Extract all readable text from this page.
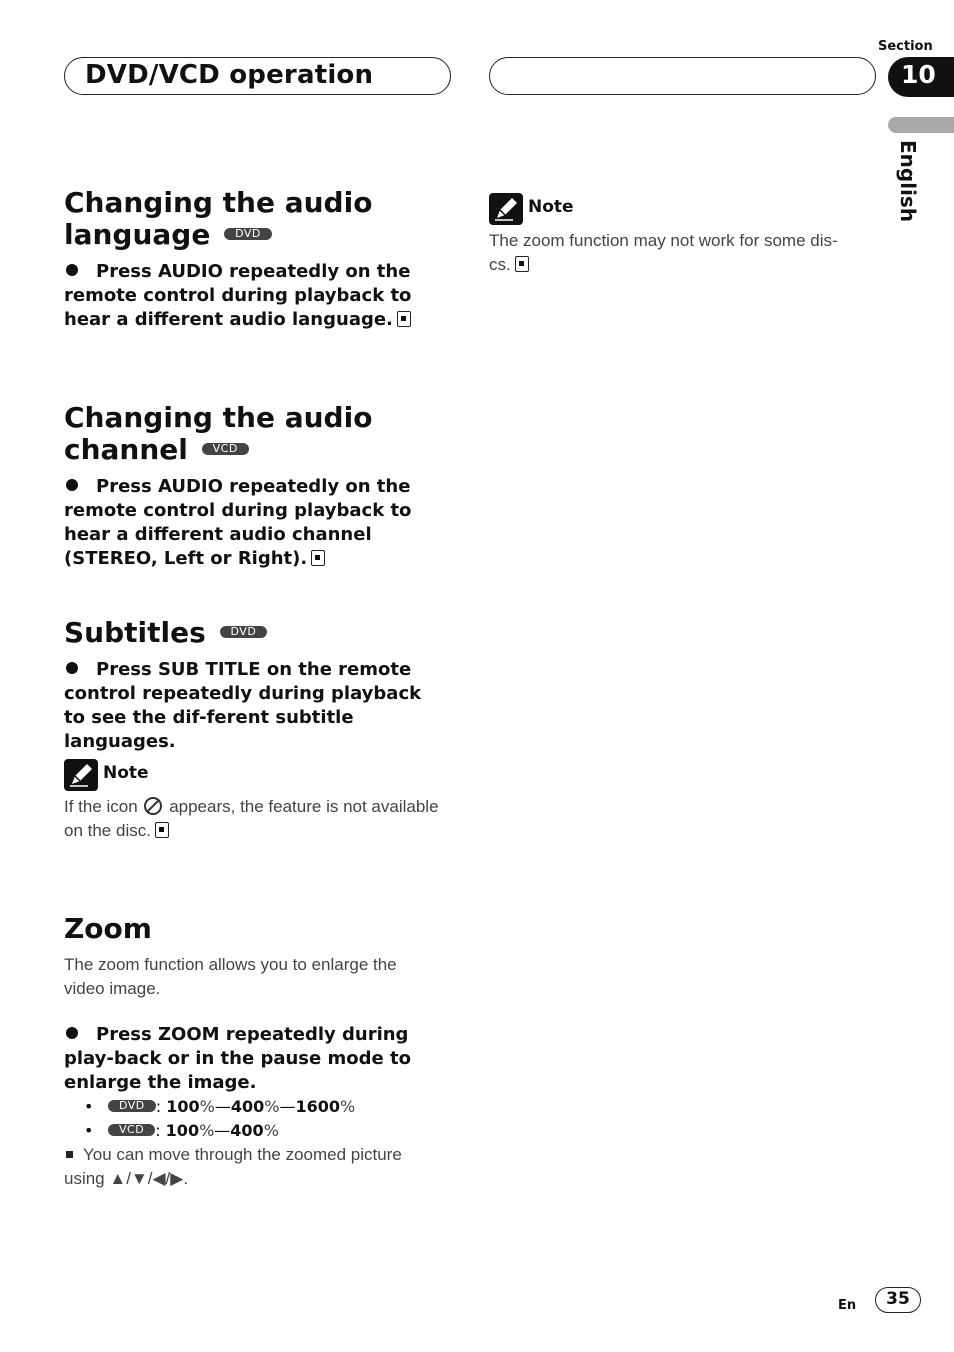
DVD/VCD operation
Section
10
English
Changing the audio
language DVD
Press AUDIO repeatedly on the remote control during playback to hear a different audio language.
Changing the audio
channel VCD
Press AUDIO repeatedly on the remote control during playback to hear a different audio channel (STEREO, Left or Right).
Subtitles DVD
Press SUB TITLE on the remote control repeatedly during playback to see the dif-ferent subtitle languages.
Note
If the icon appears, the feature is not available on the disc.
Zoom
The zoom function allows you to enlarge the video image.
Press ZOOM repeatedly during play-back or in the pause mode to enlarge the image.
• DVD : 100%—400%—1600%
• VCD : 100%—400%
You can move through the zoomed picture using ▲/▼/◀/▶.
Note
The zoom function may not work for some dis-cs.
En	35
